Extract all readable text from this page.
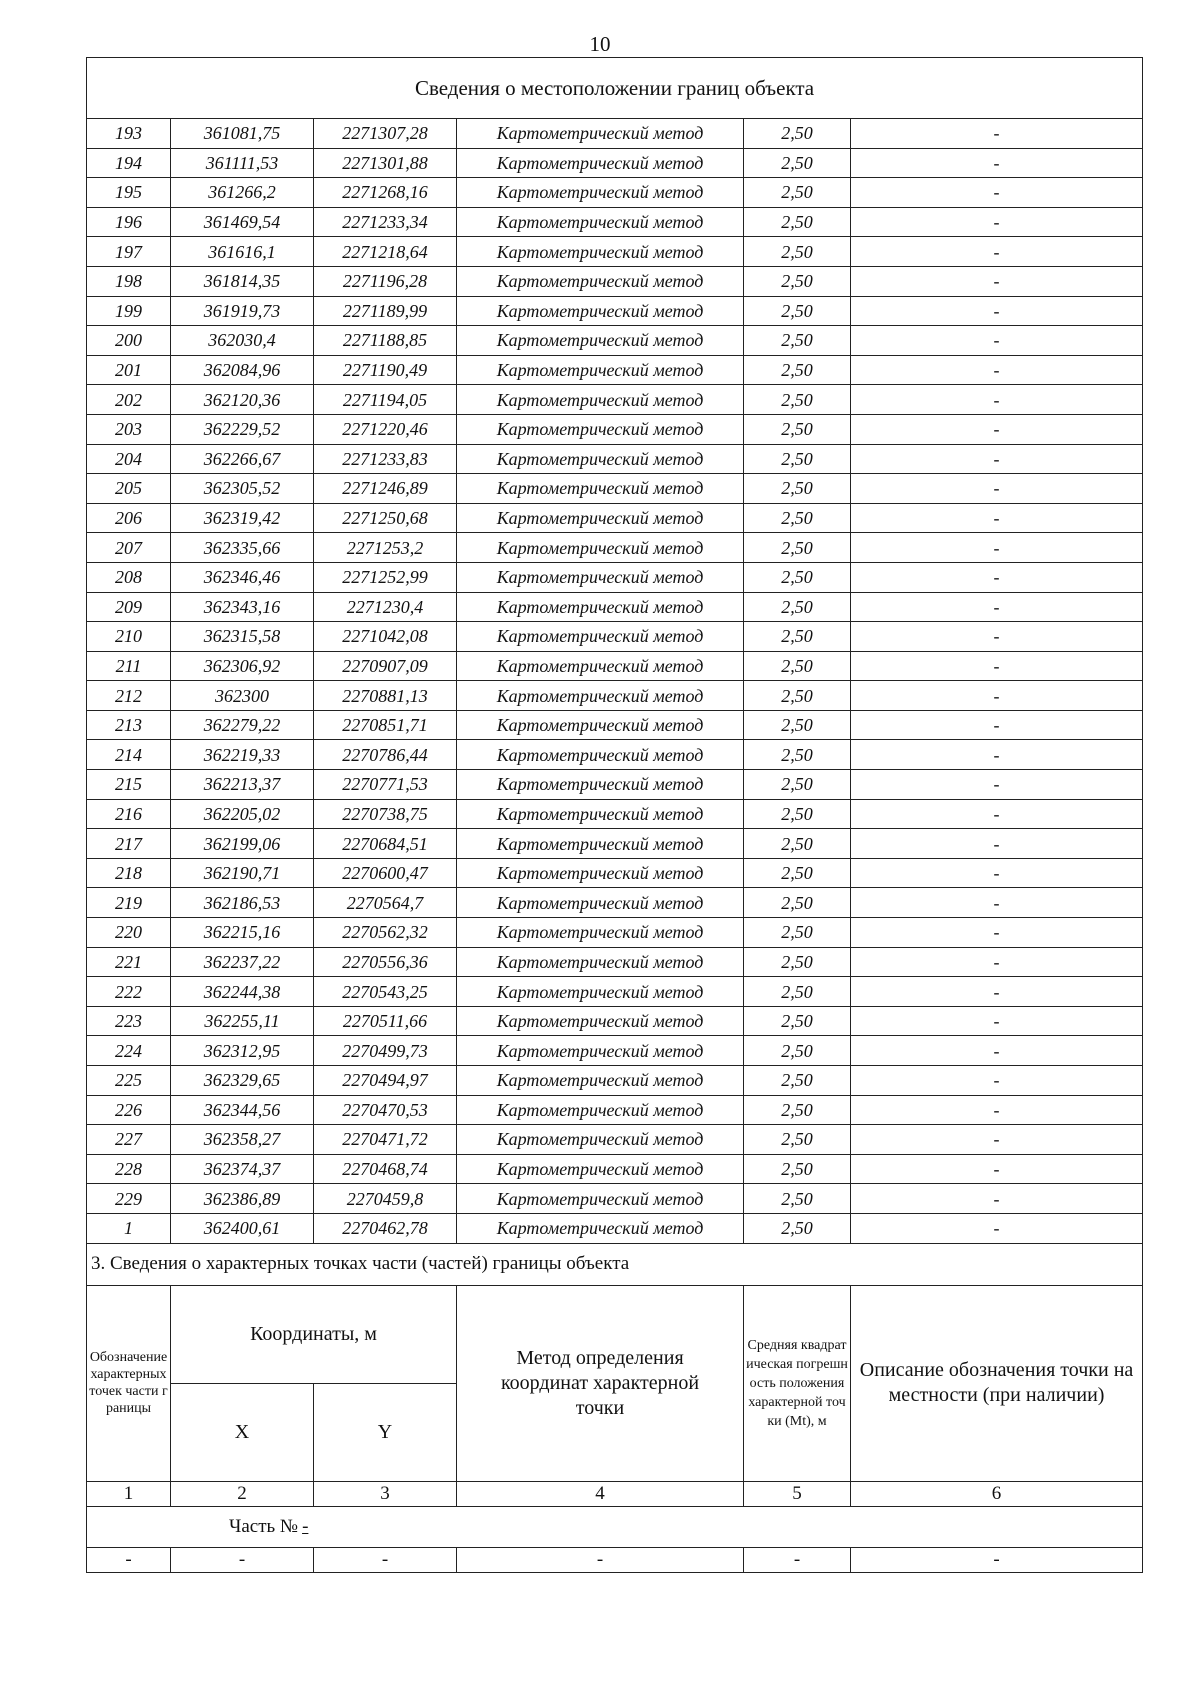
10
Сведения о местоположении границ объекта					
193	361081,75	2271307,28	Картометрический метод	2,50	-
194	361111,53	2271301,88	Картометрический метод	2,50	-
195	361266,2	2271268,16	Картометрический метод	2,50	-
196	361469,54	2271233,34	Картометрический метод	2,50	-
197	361616,1	2271218,64	Картометрический метод	2,50	-
198	361814,35	2271196,28	Картометрический метод	2,50	-
199	361919,73	2271189,99	Картометрический метод	2,50	-
200	362030,4	2271188,85	Картометрический метод	2,50	-
201	362084,96	2271190,49	Картометрический метод	2,50	-
202	362120,36	2271194,05	Картометрический метод	2,50	-
203	362229,52	2271220,46	Картометрический метод	2,50	-
204	362266,67	2271233,83	Картометрический метод	2,50	-
205	362305,52	2271246,89	Картометрический метод	2,50	-
206	362319,42	2271250,68	Картометрический метод	2,50	-
207	362335,66	2271253,2	Картометрический метод	2,50	-
208	362346,46	2271252,99	Картометрический метод	2,50	-
209	362343,16	2271230,4	Картометрический метод	2,50	-
210	362315,58	2271042,08	Картометрический метод	2,50	-
211	362306,92	2270907,09	Картометрический метод	2,50	-
212	362300	2270881,13	Картометрический метод	2,50	-
213	362279,22	2270851,71	Картометрический метод	2,50	-
214	362219,33	2270786,44	Картометрический метод	2,50	-
215	362213,37	2270771,53	Картометрический метод	2,50	-
216	362205,02	2270738,75	Картометрический метод	2,50	-
217	362199,06	2270684,51	Картометрический метод	2,50	-
218	362190,71	2270600,47	Картометрический метод	2,50	-
219	362186,53	2270564,7	Картометрический метод	2,50	-
220	362215,16	2270562,32	Картометрический метод	2,50	-
221	362237,22	2270556,36	Картометрический метод	2,50	-
222	362244,38	2270543,25	Картометрический метод	2,50	-
223	362255,11	2270511,66	Картометрический метод	2,50	-
224	362312,95	2270499,73	Картометрический метод	2,50	-
225	362329,65	2270494,97	Картометрический метод	2,50	-
226	362344,56	2270470,53	Картометрический метод	2,50	-
227	362358,27	2270471,72	Картометрический метод	2,50	-
228	362374,37	2270468,74	Картометрический метод	2,50	-
229	362386,89	2270459,8	Картометрический метод	2,50	-
1	362400,61	2270462,78	Картометрический метод	2,50	-
3. Сведения о характерных точках части (частей) границы объекта					
Обозначение характерных точек части границы	Координаты, м		Метод определения координат характерной точки	Средняя квадратическая погрешность положения характерной точки (Mt), м	Описание обозначения точки на местности (при наличии)
	X	Y			
1	2	3	4	5	6
Часть № -					
-	-	-	-	-	-
